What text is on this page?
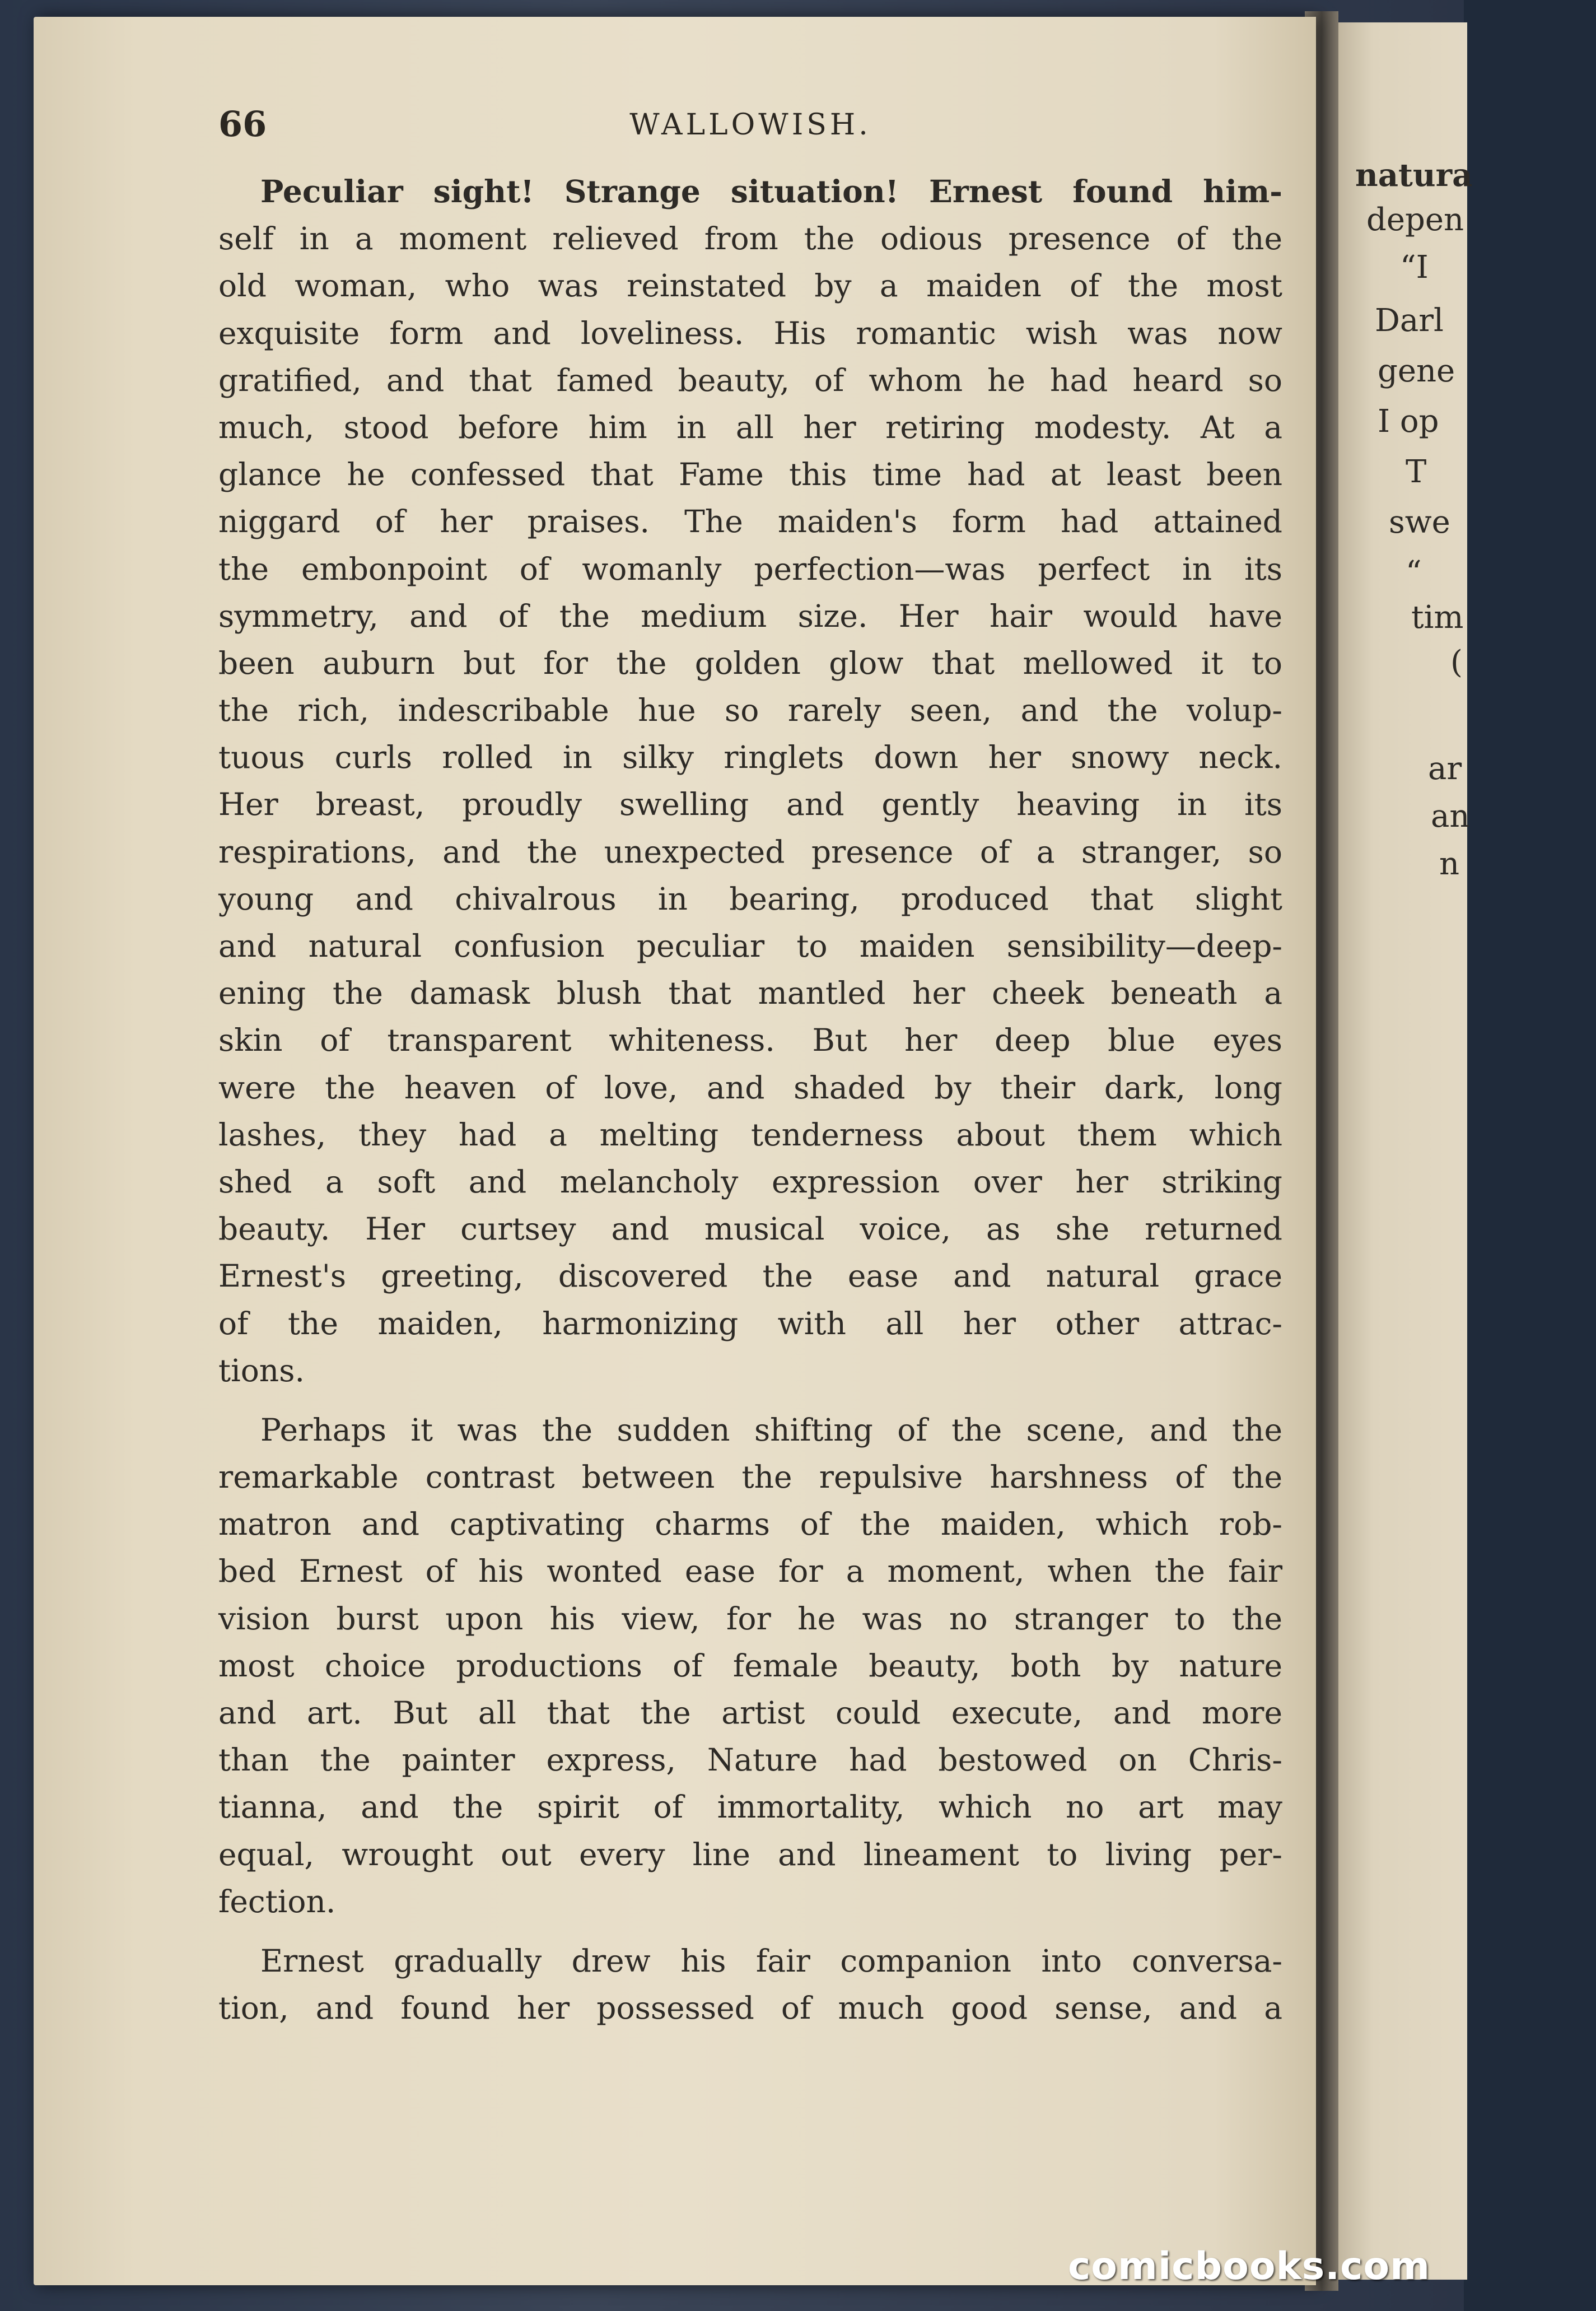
natura
depen
“I
Darl
gene
I op
T
swe
“
tim
(
ar
an
n
66	WALLOWISH.
Peculiar sight! Strange situation! Ernest found him-
self in a moment relieved from the odious presence of the
old woman, who was reinstated by a maiden of the most
exquisite form and loveliness. His romantic wish was now
gratified, and that famed beauty, of whom he had heard so
much, stood before him in all her retiring modesty. At a
glance he confessed that Fame this time had at least been
niggard of her praises. The maiden's form had attained
the embonpoint of womanly perfection—was perfect in its
symmetry, and of the medium size. Her hair would have
been auburn but for the golden glow that mellowed it to
the rich, indescribable hue so rarely seen, and the volup-
tuous curls rolled in silky ringlets down her snowy neck.
Her breast, proudly swelling and gently heaving in its
respirations, and the unexpected presence of a stranger, so
young and chivalrous in bearing, produced that slight
and natural confusion peculiar to maiden sensibility—deep-
ening the damask blush that mantled her cheek beneath a
skin of transparent whiteness. But her deep blue eyes
were the heaven of love, and shaded by their dark, long
lashes, they had a melting tenderness about them which
shed a soft and melancholy expression over her striking
beauty. Her curtsey and musical voice, as she returned
Ernest's greeting, discovered the ease and natural grace
of the maiden, harmonizing with all her other attrac-
tions.
Perhaps it was the sudden shifting of the scene, and the
remarkable contrast between the repulsive harshness of the
matron and captivating charms of the maiden, which rob-
bed Ernest of his wonted ease for a moment, when the fair
vision burst upon his view, for he was no stranger to the
most choice productions of female beauty, both by nature
and art. But all that the artist could execute, and more
than the painter express, Nature had bestowed on Chris-
tianna, and the spirit of immortality, which no art may
equal, wrought out every line and lineament to living per-
fection.
Ernest gradually drew his fair companion into conversa-
tion, and found her possessed of much good sense, and a
comicbooks.com
